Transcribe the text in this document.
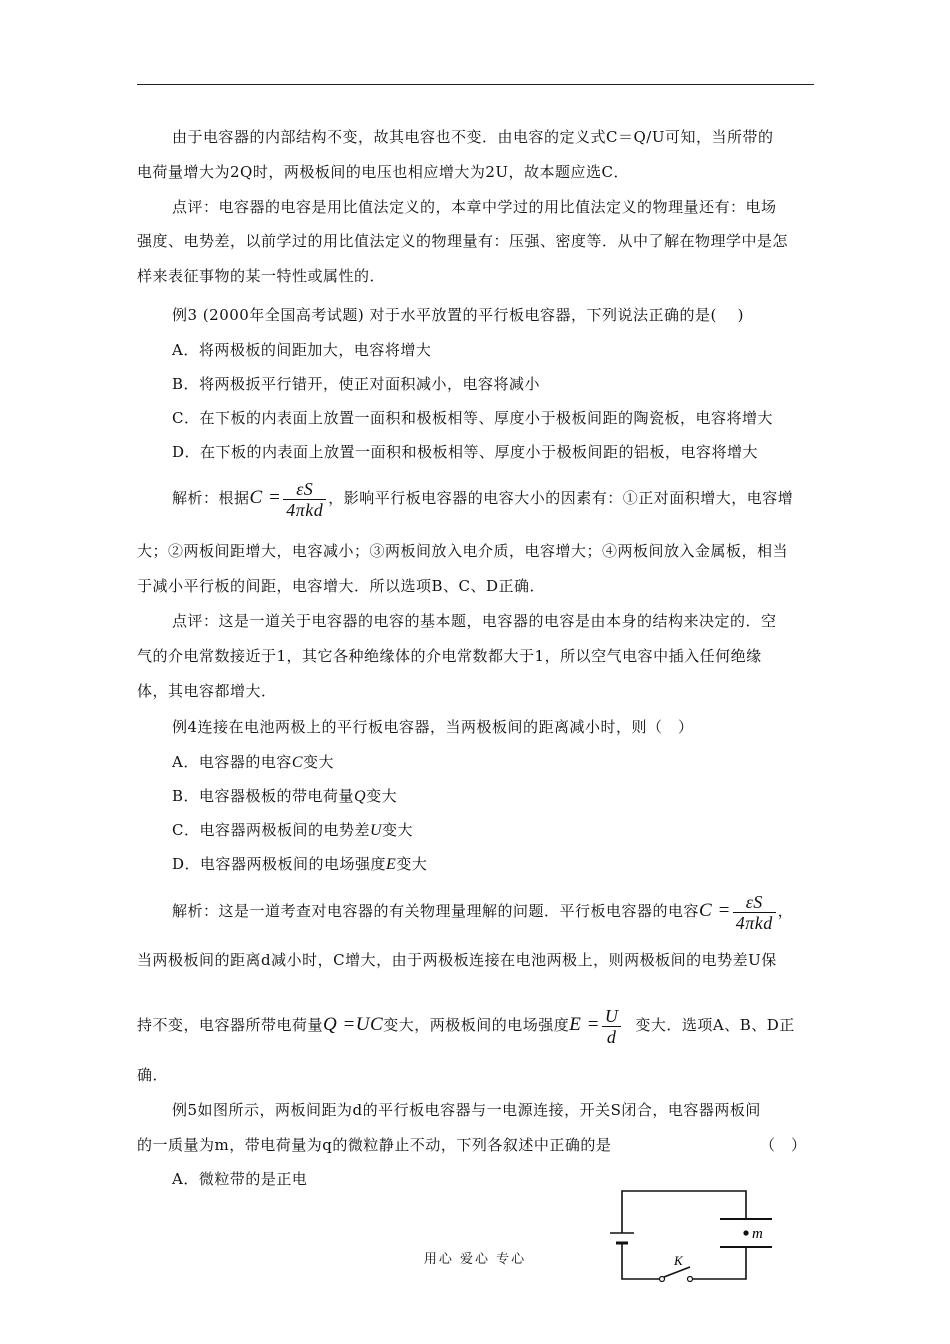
由于电容器的内部结构不变，故其电容也不变．由电容的定义式C＝Q/U可知，当所带的
电荷量增大为2Q时，两极板间的电压也相应增大为2U，故本题应选C．
点评：电容器的电容是用比值法定义的，本章中学过的用比值法定义的物理量还有：电场
强度、电势差，以前学过的用比值法定义的物理量有：压强、密度等．从中了解在物理学中是怎
样来表征事物的某一特性或属性的．
例3 (2000年全国高考试题) 对于水平放置的平行板电容器，下列说法正确的是(　 )
A．将两极板的间距加大，电容将增大
B．将两极扳平行错开，使正对面积减小，电容将减小
C．在下板的内表面上放置一面积和极板相等、厚度小于极板间距的陶瓷板，电容将增大
D．在下板的内表面上放置一面积和极板相等、厚度小于极板间距的铝板，电容将增大
解析：根据$C = \frac{\varepsilon S}{\text{4πkd}}$ ，影响平行板电容器的电容大小的因素有：①正对面积增大，电容增
大；②两板间距增大，电容减小；③两板间放入电介质，电容增大；④两板间放入金属板，相当
于减小平行板的间距，电容增大．所以选项B、C、D正确．
点评：这是一道关于电容器的电容的基本题，电容器的电容是由本身的结构来决定的．空
气的介电常数接近于1，其它各种绝缘体的介电常数都大于1，所以空气电容中插入任何绝缘
体，其电容都增大．
例4连接在电池两极上的平行板电容器，当两极板间的距离减小时，则（　）
A．电容器的电容C变大
B．电容器极板的带电荷量Q变大
C．电容器两极板间的电势差U变大
D．电容器两极板间的电场强度E变大
解析：这是一道考查对电容器的有关物理量理解的问题．平行板电容器的电容$C = \frac{\varepsilon S}{\text{4πkd}}$ ，
当两极板间的距离d减小时，C增大，由于两极板连接在电池两极上，则两极板间的电势差U保
持不变，电容器所带电荷量Q =UC变大，两极板间的电场强度$E = \frac{U}{d}$ 变大．选项A、B、D正
确．
例5如图所示，两板间距为d的平行板电容器与一电源连接，开关S闭合，电容器两板间
的一质量为m，带电荷量为q的微粒静止不动，下列各叙述中正确的是	（　）
A．微粒带的是正电
m
K
用心 爱心 专心
